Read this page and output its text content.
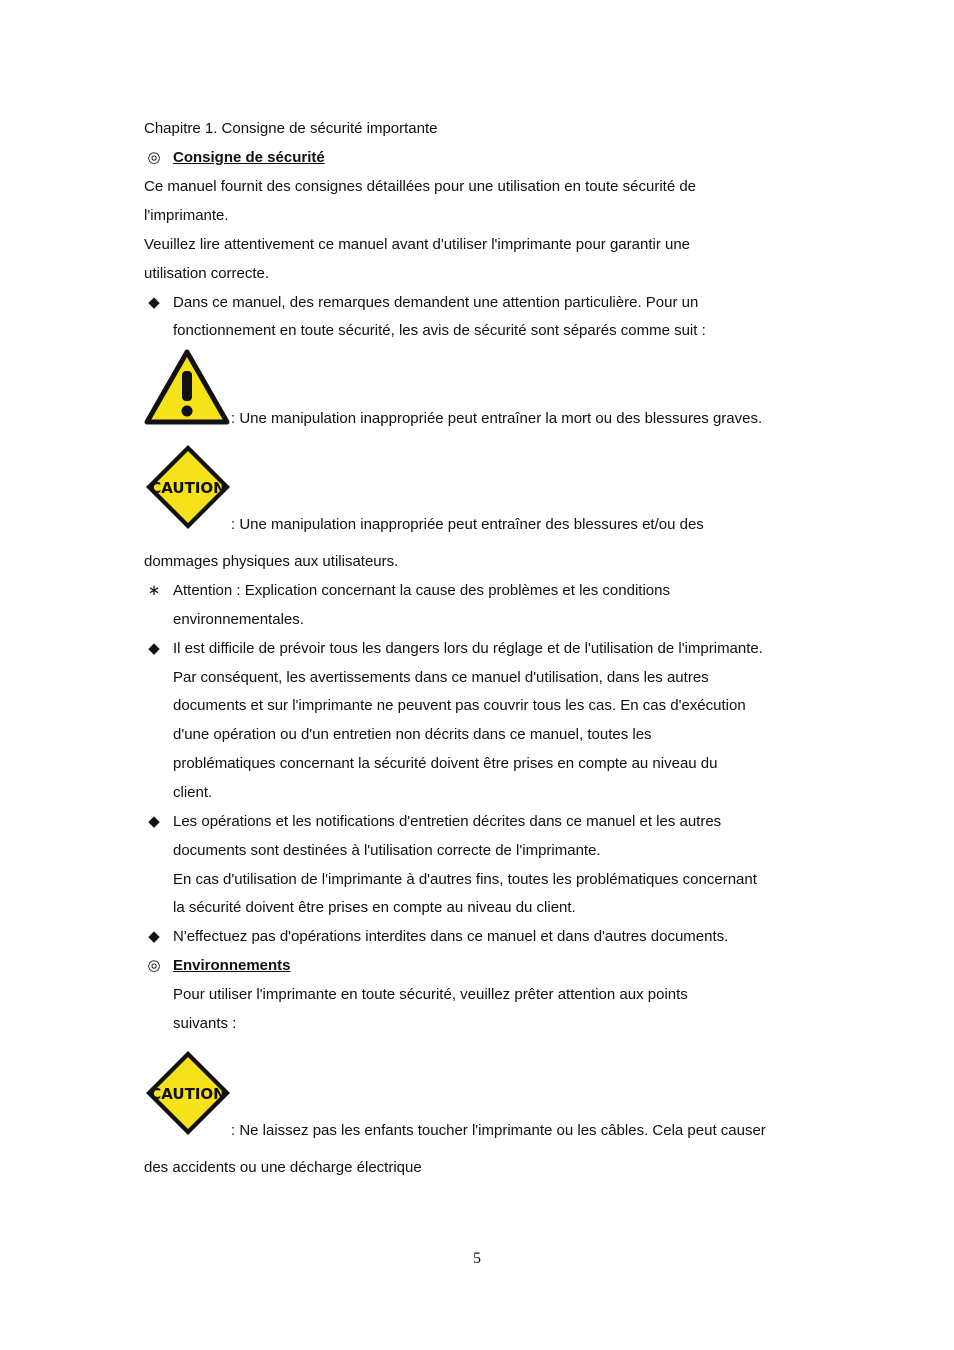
Chapitre 1. Consigne de sécurité importante
◎ Consigne de sécurité
Ce manuel fournit des consignes détaillées pour une utilisation en toute sécurité de
l'imprimante.
Veuillez lire attentivement ce manuel avant d'utiliser l'imprimante pour garantir une
utilisation correcte.
◆ Dans ce manuel, des remarques demandent une attention particulière. Pour un
fonctionnement en toute sécurité, les avis de sécurité sont séparés comme suit :
: Une manipulation inappropriée peut entraîner la mort ou des blessures graves.
CAUTION
: Une manipulation inappropriée peut entraîner des blessures et/ou des
dommages physiques aux utilisateurs.
∗ Attention : Explication concernant la cause des problèmes et les conditions
environnementales.
◆ Il est difficile de prévoir tous les dangers lors du réglage et de l'utilisation de l'imprimante.
Par conséquent, les avertissements dans ce manuel d'utilisation, dans les autres
documents et sur l'imprimante ne peuvent pas couvrir tous les cas. En cas d'exécution
d'une opération ou d'un entretien non décrits dans ce manuel, toutes les
problématiques concernant la sécurité doivent être prises en compte au niveau du
client.
◆ Les opérations et les notifications d'entretien décrites dans ce manuel et les autres
documents sont destinées à l'utilisation correcte de l'imprimante.
En cas d'utilisation de l'imprimante à d'autres fins, toutes les problématiques concernant
la sécurité doivent être prises en compte au niveau du client.
◆ N'effectuez pas d'opérations interdites dans ce manuel et dans d'autres documents.
◎ Environnements
Pour utiliser l'imprimante en toute sécurité, veuillez prêter attention aux points
suivants :
CAUTION
: Ne laissez pas les enfants toucher l'imprimante ou les câbles. Cela peut causer
des accidents ou une décharge électrique
5
